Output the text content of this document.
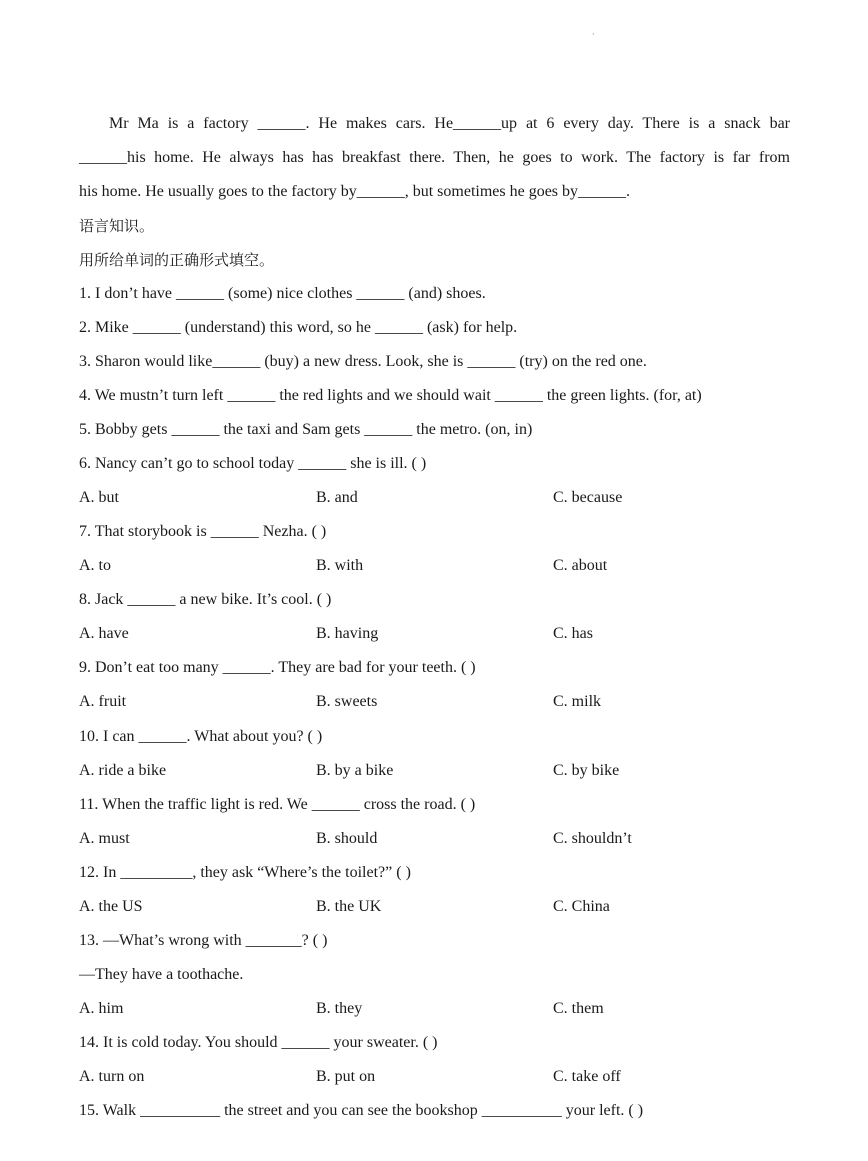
·
Mr Ma is a factory ______. He makes cars. He______up at 6 every day. There is a snack bar
______his home. He always has has breakfast there. Then, he goes to work. The factory is far from
his home. He usually goes to the factory by______, but sometimes he goes by______.
语言知识。
用所给单词的正确形式填空。
1. I don’t have ______ (some) nice clothes ______ (and) shoes.
2. Mike ______ (understand) this word, so he ______ (ask) for help.
3. Sharon would like______ (buy) a new dress. Look, she is ______ (try) on the red one.
4. We mustn’t turn left ______ the red lights and we should wait ______ the green lights. (for, at)
5. Bobby gets ______ the taxi and Sam gets ______ the metro. (on, in)
6. Nancy can’t go to school today ______ she is ill. ( )
A. but	B. and	C. because
7. That storybook is ______ Nezha. ( )
A. to	B. with	C. about
8. Jack ______ a new bike. It’s cool. ( )
A. have	B. having	C. has
9. Don’t eat too many ______. They are bad for your teeth. ( )
A. fruit	B. sweets	C. milk
10. I can ______. What about you? ( )
A. ride a bike	B. by a bike	C. by bike
11. When the traffic light is red. We ______ cross the road. ( )
A. must	B. should	C. shouldn’t
12. In _________, they ask “Where’s the toilet?” ( )
A. the US	B. the UK	C. China
13. —What’s wrong with _______? ( )
—They have a toothache.
A. him	B. they	C. them
14. It is cold today. You should ______ your sweater. ( )
A. turn on	B. put on	C. take off
15. Walk __________ the street and you can see the bookshop __________ your left. ( )
